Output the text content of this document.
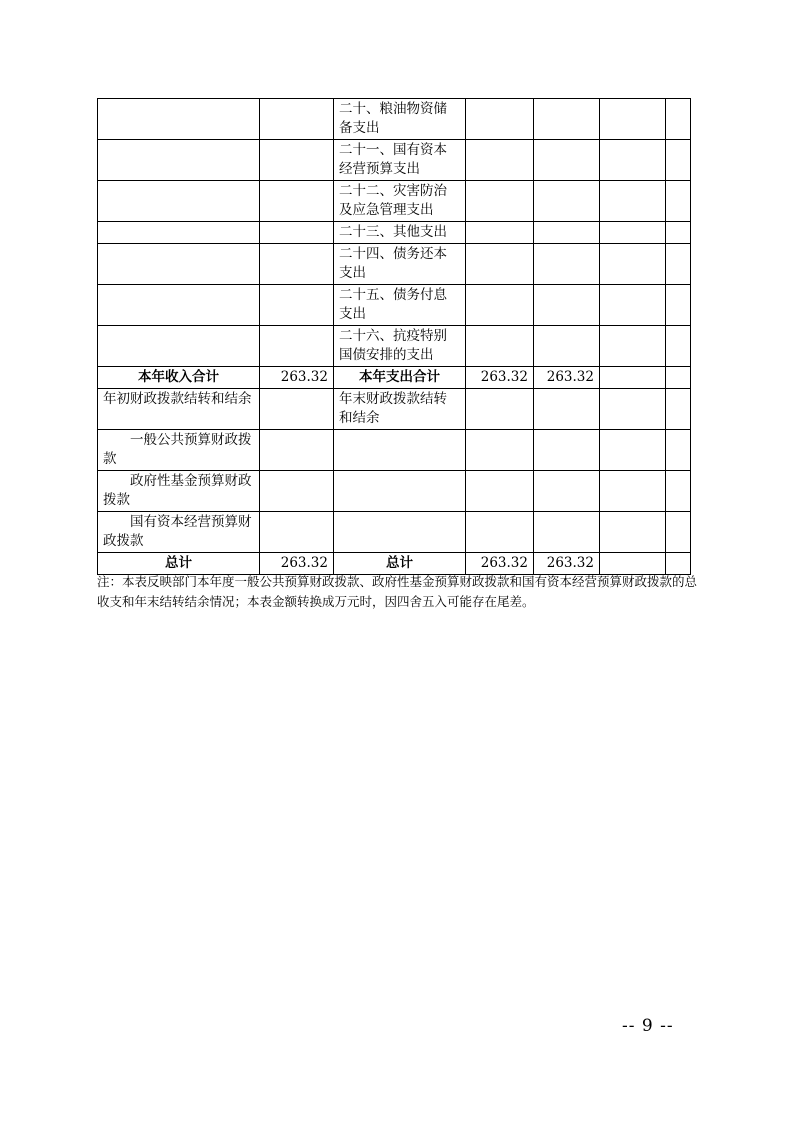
		二十、粮油物资储备支出				
		二十一、国有资本经营预算支出				
		二十二、灾害防治及应急管理支出				
		二十三、其他支出				
		二十四、债务还本支出				
		二十五、债务付息支出				
		二十六、抗疫特别国债安排的支出				
本年收入合计	263.32	本年支出合计	263.32	263.32		
年初财政拨款结转和结余		年末财政拨款结转和结余				
一般公共预算财政拨款						
政府性基金预算财政拨款						
国有资本经营预算财政拨款						
总计	263.32	总计	263.32	263.32		
注：本表反映部门本年度一般公共预算财政拨款、政府性基金预算财政拨款和国有资本经营预算财政拨款的总收支和年末结转结余情况；本表金额转换成万元时，因四舍五入可能存在尾差。
-- 9 --
